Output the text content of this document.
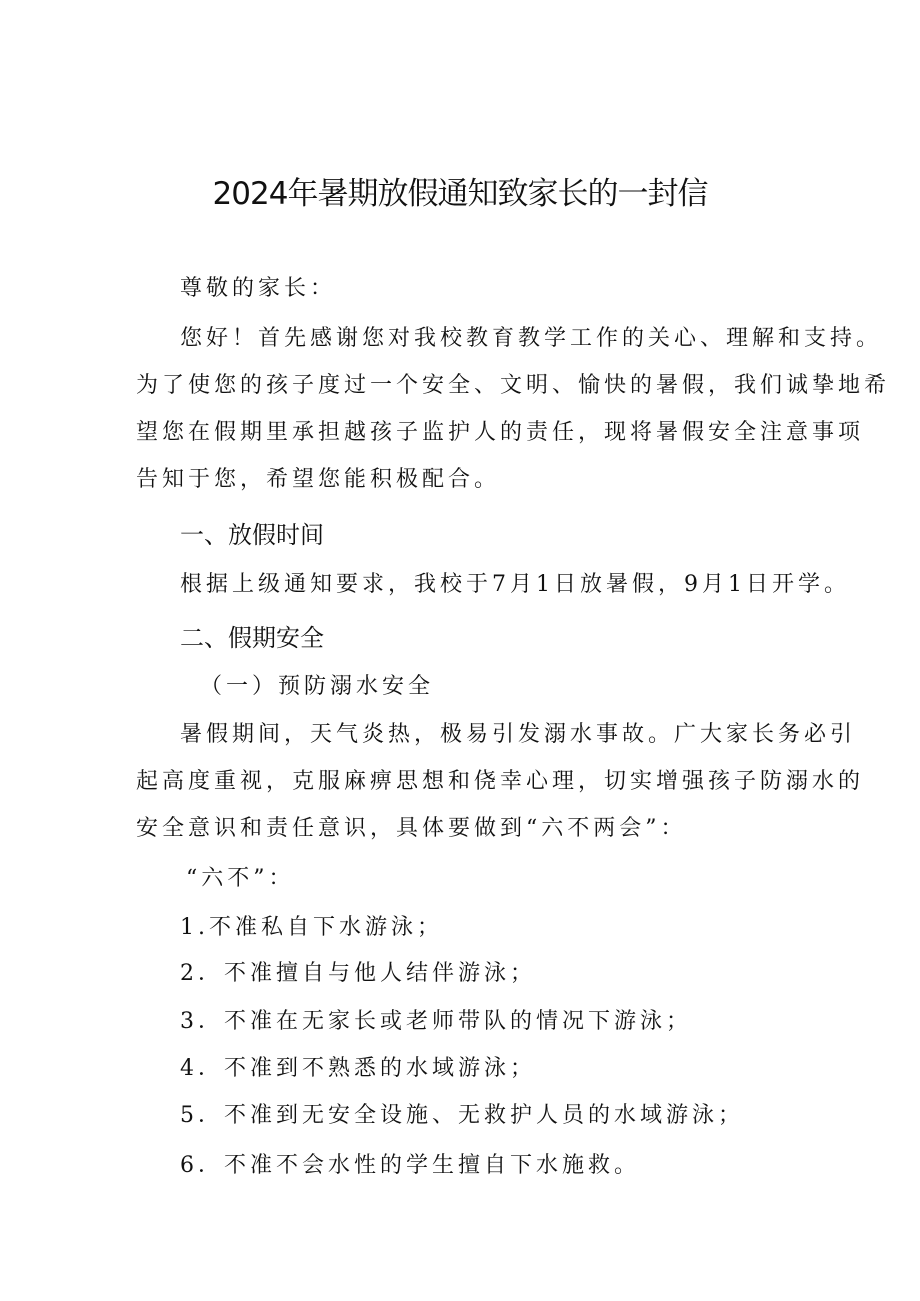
2024年暑期放假通知致家长的一封信
尊敬的家长：
您好！首先感谢您对我校教育教学工作的关心、理解和支持。
为了使您的孩子度过一个安全、文明、愉快的暑假，我们诚挚地希
望您在假期里承担越孩子监护人的责任，现将暑假安全注意事项
告知于您，希望您能积极配合。
一、放假时间
根据上级通知要求，我校于7月1日放暑假，9月1日开学。
二、假期安全
（一）预防溺水安全
暑假期间，天气炎热，极易引发溺水事故。广大家长务必引
起高度重视，克服麻痹思想和侥幸心理，切实增强孩子防溺水的
安全意识和责任意识，具体要做到“六不两会”：
“六不”：
1.不准私自下水游泳；
2．不准擅自与他人结伴游泳；
3．不准在无家长或老师带队的情况下游泳；
4．不准到不熟悉的水域游泳；
5．不准到无安全设施、无救护人员的水域游泳；
6．不准不会水性的学生擅自下水施救。
